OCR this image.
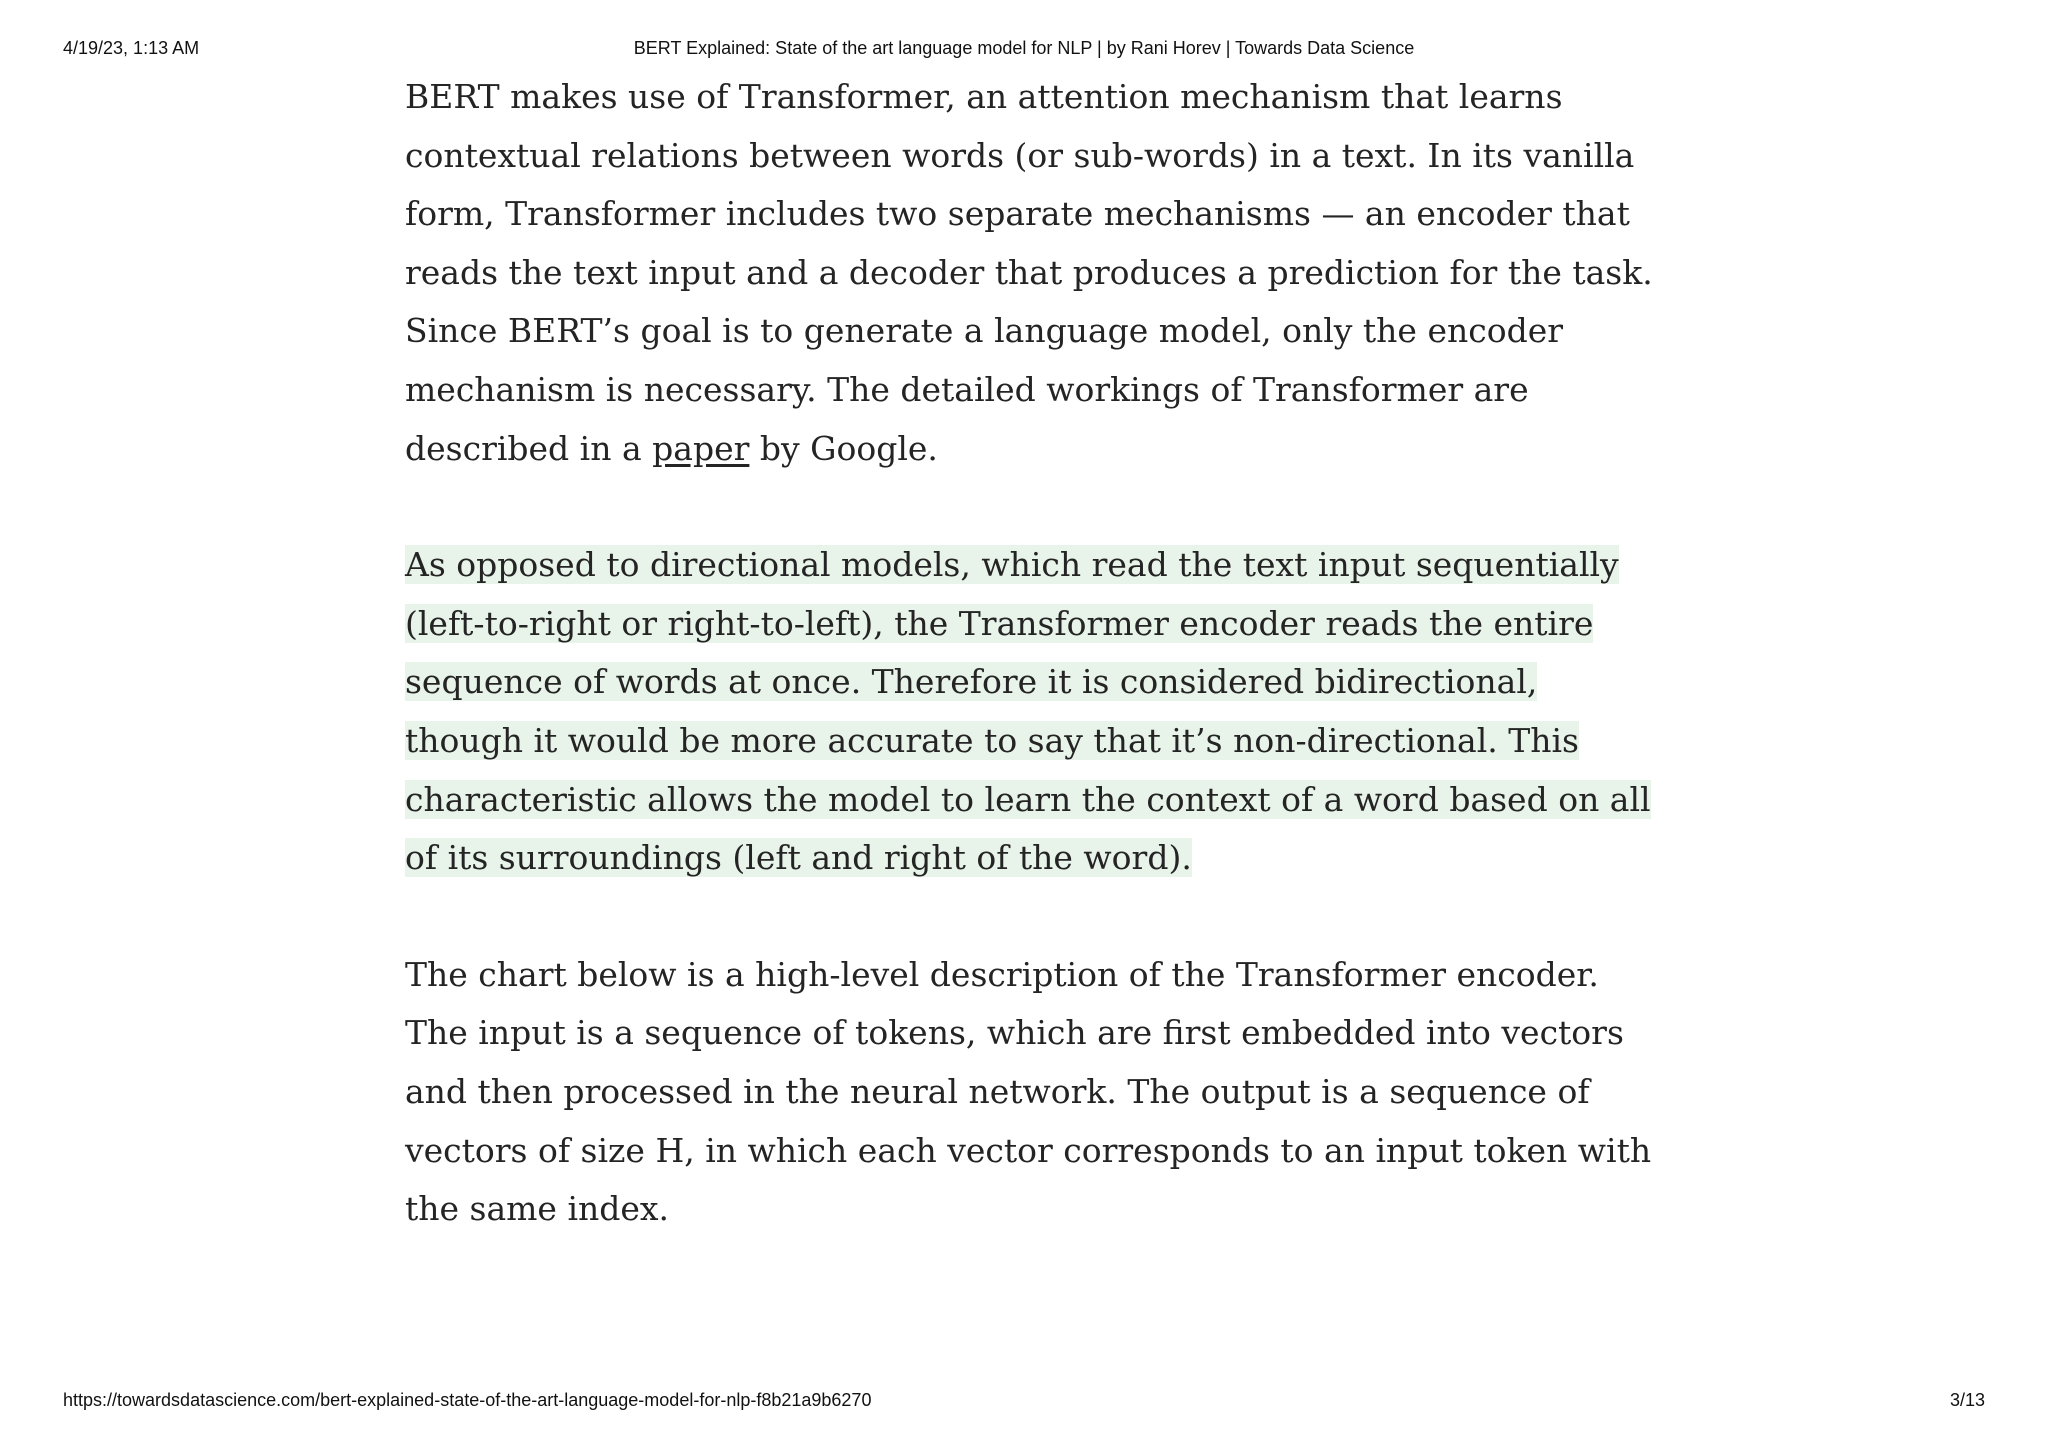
4/19/23, 1:13 AM	BERT Explained: State of the art language model for NLP | by Rani Horev | Towards Data Science

BERT makes use of Transformer, an attention mechanism that learns contextual relations between words (or sub-words) in a text. In its vanilla form, Transformer includes two separate mechanisms — an encoder that reads the text input and a decoder that produces a prediction for the task. Since BERT’s goal is to generate a language model, only the encoder mechanism is necessary. The detailed workings of Transformer are described in a paper by Google.

As opposed to directional models, which read the text input sequentially (left-to-right or right-to-left), the Transformer encoder reads the entire sequence of words at once. Therefore it is considered bidirectional, though it would be more accurate to say that it’s non-directional. This characteristic allows the model to learn the context of a word based on all of its surroundings (left and right of the word).

The chart below is a high-level description of the Transformer encoder. The input is a sequence of tokens, which are first embedded into vectors and then processed in the neural network. The output is a sequence of vectors of size H, in which each vector corresponds to an input token with the same index.

https://towardsdatascience.com/bert-explained-state-of-the-art-language-model-for-nlp-f8b21a9b6270	3/13
